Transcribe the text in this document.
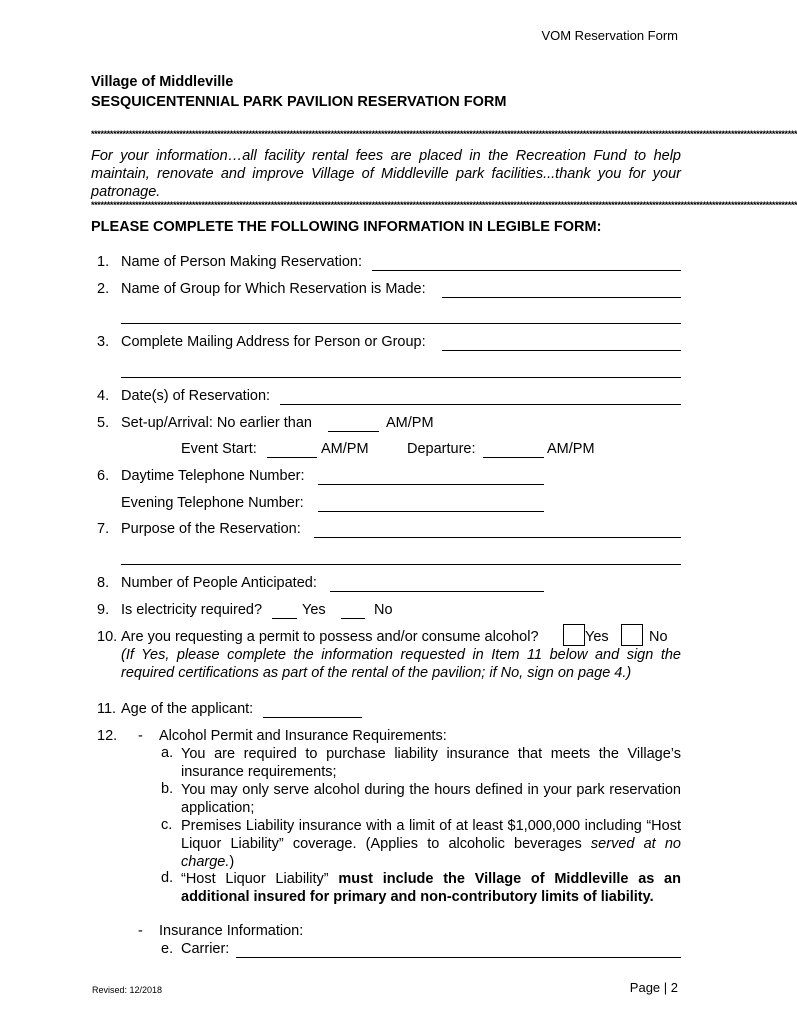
VOM Reservation Form
Village of Middleville
SESQUICENTENNIAL PARK PAVILION RESERVATION FORM
********************************************************************************************************************************************************************************************************************************
For your information…all facility rental fees are placed in the Recreation Fund to help maintain, renovate and improve Village of Middleville park facilities...thank you for your patronage.
********************************************************************************************************************************************************************************************************************************
PLEASE COMPLETE THE FOLLOWING INFORMATION IN LEGIBLE FORM:
1. Name of Person Making Reservation:
2. Name of Group for Which Reservation is Made:
3. Complete Mailing Address for Person or Group:
4. Date(s) of Reservation:
5. Set-up/Arrival: No earlier than	AM/PM
Event Start:	AM/PM	Departure:	AM/PM
6. Daytime Telephone Number:
Evening Telephone Number:
7. Purpose of the Reservation:
8. Number of People Anticipated:
9. Is electricity required?	Yes	No
10. Are you requesting a permit to possess and/or consume alcohol?	Yes	No
(If Yes, please complete the information requested in Item 11 below and sign the required certifications as part of the rental of the pavilion; if No, sign on page 4.)
11. Age of the applicant:
12. - Alcohol Permit and Insurance Requirements:
a. You are required to purchase liability insurance that meets the Village’s insurance requirements;
b. You may only serve alcohol during the hours defined in your park reservation application;
c. Premises Liability insurance with a limit of at least $1,000,000 including “Host Liquor Liability” coverage. (Applies to alcoholic beverages served at no charge.)
d. “Host Liquor Liability” must include the Village of Middleville as an additional insured for primary and non-contributory limits of liability.
- Insurance Information:
e. Carrier:
Revised: 12/2018	Page | 2
